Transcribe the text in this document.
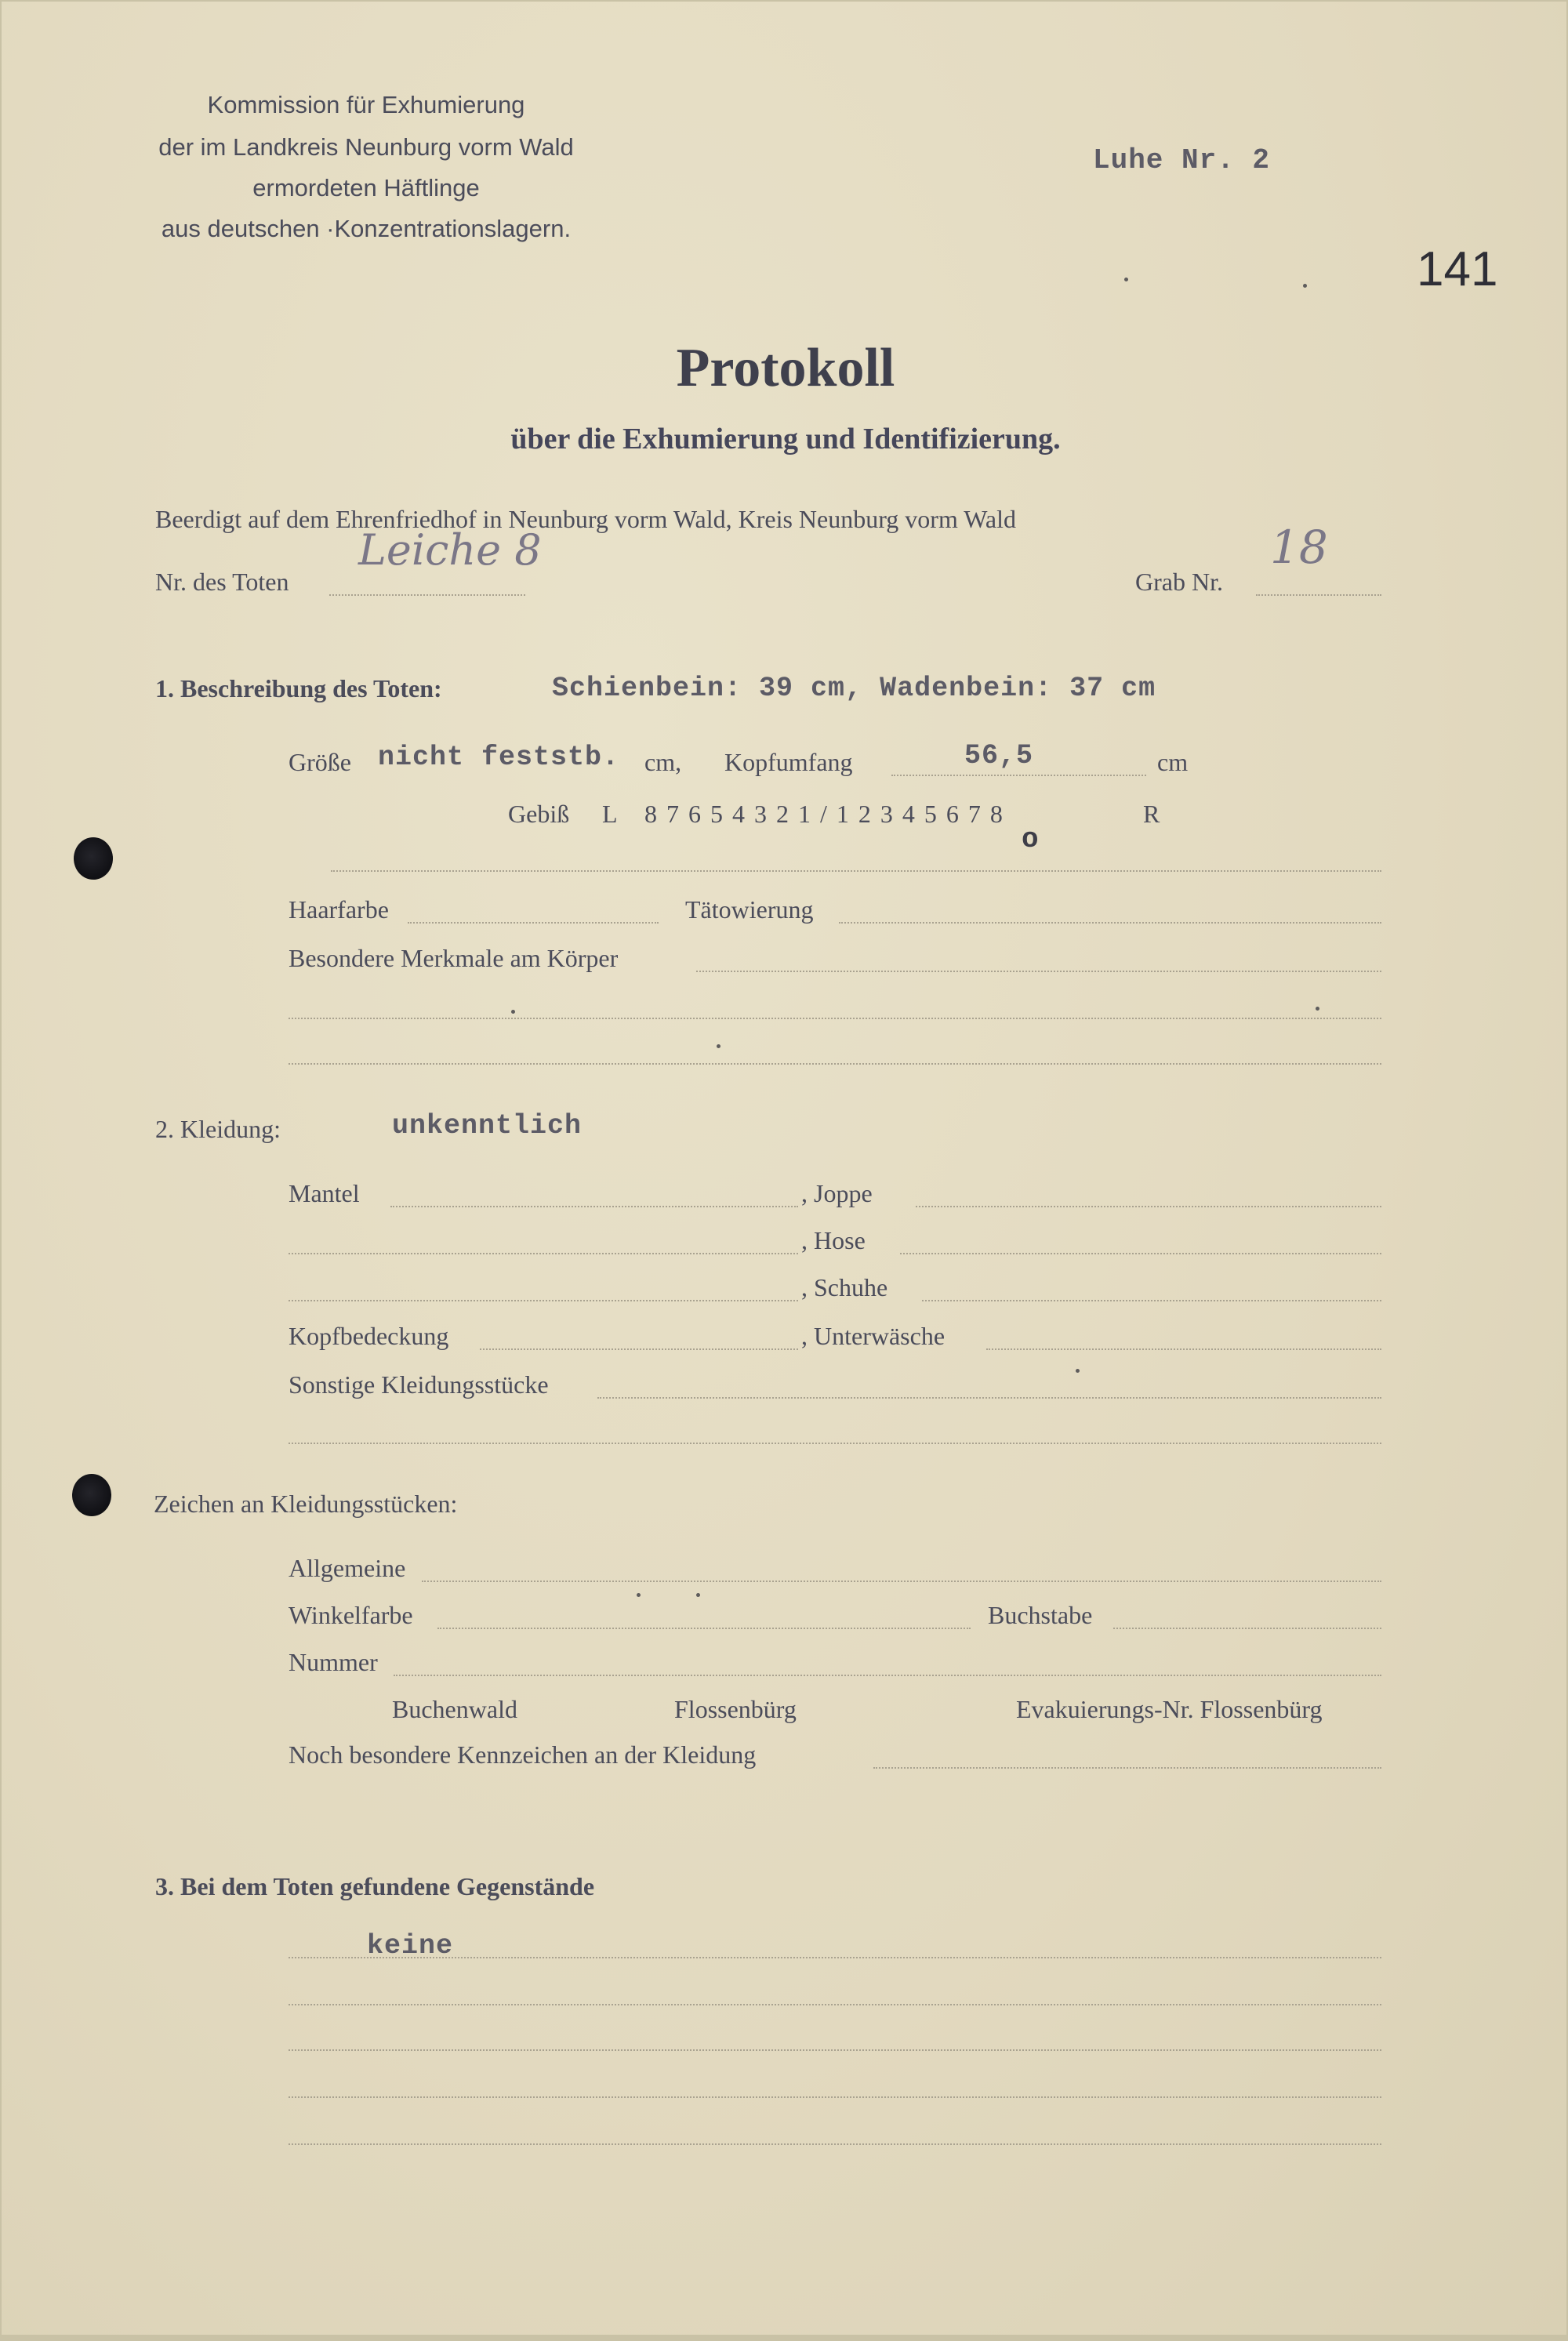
Kommission für Exhumierung
der im Landkreis Neunburg vorm Wald
ermordeten Häftlinge
aus deutschen ·Konzentrationslagern.
Luhe Nr. 2
141
Protokoll
über die Exhumierung und Identifizierung.
Beerdigt auf dem Ehrenfriedhof in Neunburg vorm Wald, Kreis Neunburg vorm Wald
Nr. des Toten
Leiche 8
Grab Nr.
18
1. Beschreibung des Toten:	Schienbein: 39 cm, Wadenbein: 37 cm
Größe nicht feststb. cm, Kopfumfang	56,5	cm
Gebiß L 8 7 6 5 4 3 2 1 / 1 2 3 4 5 6 7 8	R
o
Haarfarbe	Tätowierung
Besondere Merkmale am Körper
2. Kleidung:	unkenntlich
Mantel	, Joppe
, Hose
, Schuhe
Kopfbedeckung	, Unterwäsche
Sonstige Kleidungsstücke
Zeichen an Kleidungsstücken:
Allgemeine
Winkelfarbe	Buchstabe
Nummer
Buchenwald	Flossenbürg	Evakuierungs-Nr. Flossenbürg
Noch besondere Kennzeichen an der Kleidung
3. Bei dem Toten gefundene Gegenstände
keine
